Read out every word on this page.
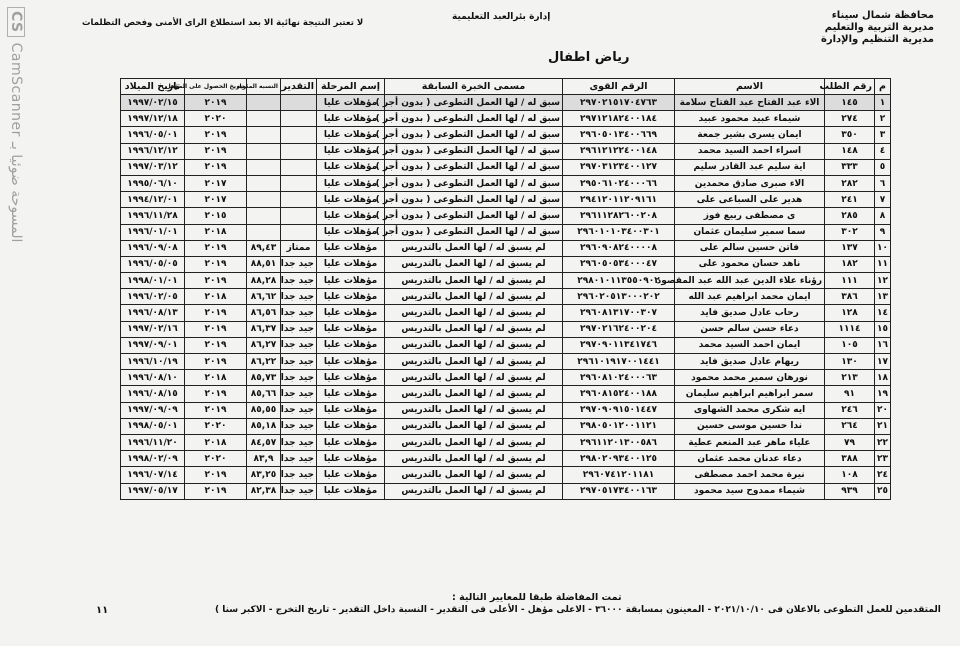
CSCamScanner المسوحة ضوئيا بـ
محافظة شمال سيناء
مديرية التربية والتعليم
مديرية التنظيم والإدارة
إدارة بئرالعبد التعليمية
لا تعتبر النتيجة نهائية الا بعد استطلاع الراى الأمنى وفحص التظلمات
رياض اطفال
م	رقم الطلب	الاسم	الرقم القوى	مسمى الخبرة السابقة	إسم المرحلة	التقدير	النسبه المئويه	تاريخ الحصول على المؤهل	تاريخ الميلاد
١	١٤٥	الاء عبد الفتاح عبد الفتاح سلامة	٢٩٧٠٢١٥١٧٠٤٧٦٣	سبق له / لها العمل التطوعى ( بدون أجر )	مؤهلات عليا			٢٠١٩	١٩٩٧/٠٢/١٥
٢	٢٧٤	شيماء عبيد محمود عبيد	٢٩٧١٢١٨٢٤٠٠١٨٤	سبق له / لها العمل التطوعى ( بدون أجر )	مؤهلات عليا			٢٠٢٠	١٩٩٧/١٢/١٨
٣	٣٥٠	ايمان يسرى بشير جمعة	٢٩٦٠٥٠١٣٤٠٠٦٦٩	سبق له / لها العمل التطوعى ( بدون أجر )	مؤهلات عليا			٢٠١٩	١٩٩٦/٠٥/٠١
٤	١٤٨	اسراء احمد السيد محمد	٢٩٦١٢١٢٢٤٠٠١٤٨	سبق له / لها العمل التطوعى ( بدون أجر )	مؤهلات عليا			٢٠١٩	١٩٩٦/١٢/١٢
٥	٣٣٣	اية سليم عبد القادر سليم	٢٩٧٠٣١٢٣٤٠٠١٢٧	سبق له / لها العمل التطوعى ( بدون أجر )	مؤهلات عليا			٢٠١٩	١٩٩٧/٠٣/١٢
٦	٢٨٢	الاء صبرى صادق محمدين	٢٩٥٠٦١٠٢٤٠٠٠٦٦	سبق له / لها العمل التطوعى ( بدون أجر )	مؤهلات عليا			٢٠١٧	١٩٩٥/٠٦/١٠
٧	٢٤١	هدير على السباعى على	٢٩٤١٢٠١١٢٠٩١٦١	سبق له / لها العمل التطوعى ( بدون أجر )	مؤهلات عليا			٢٠١٧	١٩٩٤/١٢/٠١
٨	٢٨٥	ى مصطفى ربيع فوز	٢٩٦١١٢٨٢٦٠٠٢٠٨	سبق له / لها العمل التطوعى ( بدون أجر )	مؤهلات عليا			٢٠١٥	١٩٩٦/١١/٢٨
٩	٣٠٢	سما سمير سليمان عثمان	٢٩٦٠١٠١٠٣٤٠٠٣٠١	سبق له / لها العمل التطوعى ( بدون أجر )	مؤهلات عليا			٢٠١٨	١٩٩٦/٠١/٠١
١٠	١٣٧	فاتن حسين سالم على	٢٩٦٠٩٠٨٢٤٠٠٠٠٨	لم يسبق له / لها العمل بالتدريس	مؤهلات عليا	ممتاز	٨٩,٤٣	٢٠١٩	١٩٩٦/٠٩/٠٨
١١	١٨٢	ناهد حسان محمود على	٢٩٦٠٥٠٥٣٤٠٠٠٤٧	لم يسبق له / لها العمل بالتدريس	مؤهلات عليا	جيد جدا	٨٨,٥١	٢٠١٩	١٩٩٦/٠٥/٠٥
١٢	١١١	رؤناء علاء الدين عبد الله عبد المقصود	٢٩٨٠١٠١١٣٥٥٠٩٠٢	لم يسبق له / لها العمل بالتدريس	مؤهلات عليا	جيد جدا	٨٨,٢٨	٢٠١٩	١٩٩٨/٠١/٠١
١٣	٣٨٦	ايمان محمد ابراهيم عبد الله	٢٩٦٠٢٠٥١٣٠٠٠٢٠٢	لم يسبق له / لها العمل بالتدريس	مؤهلات عليا	جيد جدا	٨٦,٦٢	٢٠١٨	١٩٩٦/٠٢/٠٥
١٤	١٢٨	رحاب عادل صديق فايد	٢٩٦٠٨١٣١٧٠٠٣٠٧	لم يسبق له / لها العمل بالتدريس	مؤهلات عليا	جيد جدا	٨٦,٥٦	٢٠١٩	١٩٩٦/٠٨/١٣
١٥	١١١٤	دعاء حسن سالم حسن	٢٩٧٠٢١٦٢٤٠٠٢٠٤	لم يسبق له / لها العمل بالتدريس	مؤهلات عليا	جيد جدا	٨٦,٣٧	٢٠١٩	١٩٩٧/٠٢/١٦
١٦	١٠٥	ايمان احمد السيد محمد	٢٩٧٠٩٠١١٣٤١٧٤٦	لم يسبق له / لها العمل بالتدريس	مؤهلات عليا	جيد جدا	٨٦,٢٧	٢٠١٩	١٩٩٧/٠٩/٠١
١٧	١٣٠	ريهام عادل صديق فايد	٢٩٦١٠١٩١٧٠٠١٤٤١	لم يسبق له / لها العمل بالتدريس	مؤهلات عليا	جيد جدا	٨٦,٢٢	٢٠١٩	١٩٩٦/١٠/١٩
١٨	٢١٣	نورهان سمير محمد محمود	٢٩٦٠٨١٠٢٤٠٠٠٦٣	لم يسبق له / لها العمل بالتدريس	مؤهلات عليا	جيد جدا	٨٥,٧٣	٢٠١٨	١٩٩٦/٠٨/١٠
١٩	٩١	سمر ابراهيم ابراهيم سليمان	٢٩٦٠٨١٥٢٤٠٠١٨٨	لم يسبق له / لها العمل بالتدريس	مؤهلات عليا	جيد جدا	٨٥,٦٦	٢٠١٩	١٩٩٦/٠٨/١٥
٢٠	٢٤٦	ايه شكرى محمد الشهاوى	٢٩٧٠٩٠٩١٥٠١٤٤٧	لم يسبق له / لها العمل بالتدريس	مؤهلات عليا	جيد جدا	٨٥,٥٥	٢٠١٩	١٩٩٧/٠٩/٠٩
٢١	٢٦٤	ندا حسين موسى حسين	٢٩٨٠٥٠١٢٠٠١١٢١	لم يسبق له / لها العمل بالتدريس	مؤهلات عليا	جيد جدا	٨٥,١٨	٢٠٢٠	١٩٩٨/٠٥/٠١
٢٢	٧٩	علياء ماهر عبد المنعم عطية	٢٩٦١١٢٠١٣٠٠٥٨٦	لم يسبق له / لها العمل بالتدريس	مؤهلات عليا	جيد جدا	٨٤,٥٧	٢٠١٨	١٩٩٦/١١/٢٠
٢٣	٣٨٨	دعاء عدنان محمد عثمان	٢٩٨٠٢٠٩٣٤٠٠١٢٥	لم يسبق له / لها العمل بالتدريس	مؤهلات عليا	جيد جدا	٨٣,٩	٢٠٢٠	١٩٩٨/٠٢/٠٩
٢٤	١٠٨	نيرة محمد احمد مصطفى	٢٩٦٠٧٤١٢٠١١٨١	لم يسبق له / لها العمل بالتدريس	مؤهلات عليا	جيد جدا	٨٣,٢٥	٢٠١٩	١٩٩٦/٠٧/١٤
٢٥	٩٣٩	شيماء ممدوح سيد محمود	٢٩٧٠٥١٧٣٤٠٠١٦٣	لم يسبق له / لها العمل بالتدريس	مؤهلات عليا	جيد جدا	٨٢,٣٨	٢٠١٩	١٩٩٧/٠٥/١٧
تمت المفاضلة طبقا للمعايير التالية :
المتقدمين للعمل التطوعى بالاعلان فى ٢٠٢١/١٠/١٠ - المعينون بمسابقة ٣٦٠٠٠ - الاعلى مؤهل - الأعلى فى التقدير - النسبة داخل التقدير - تاريخ التخرج - الاكبر سنا )
١١
